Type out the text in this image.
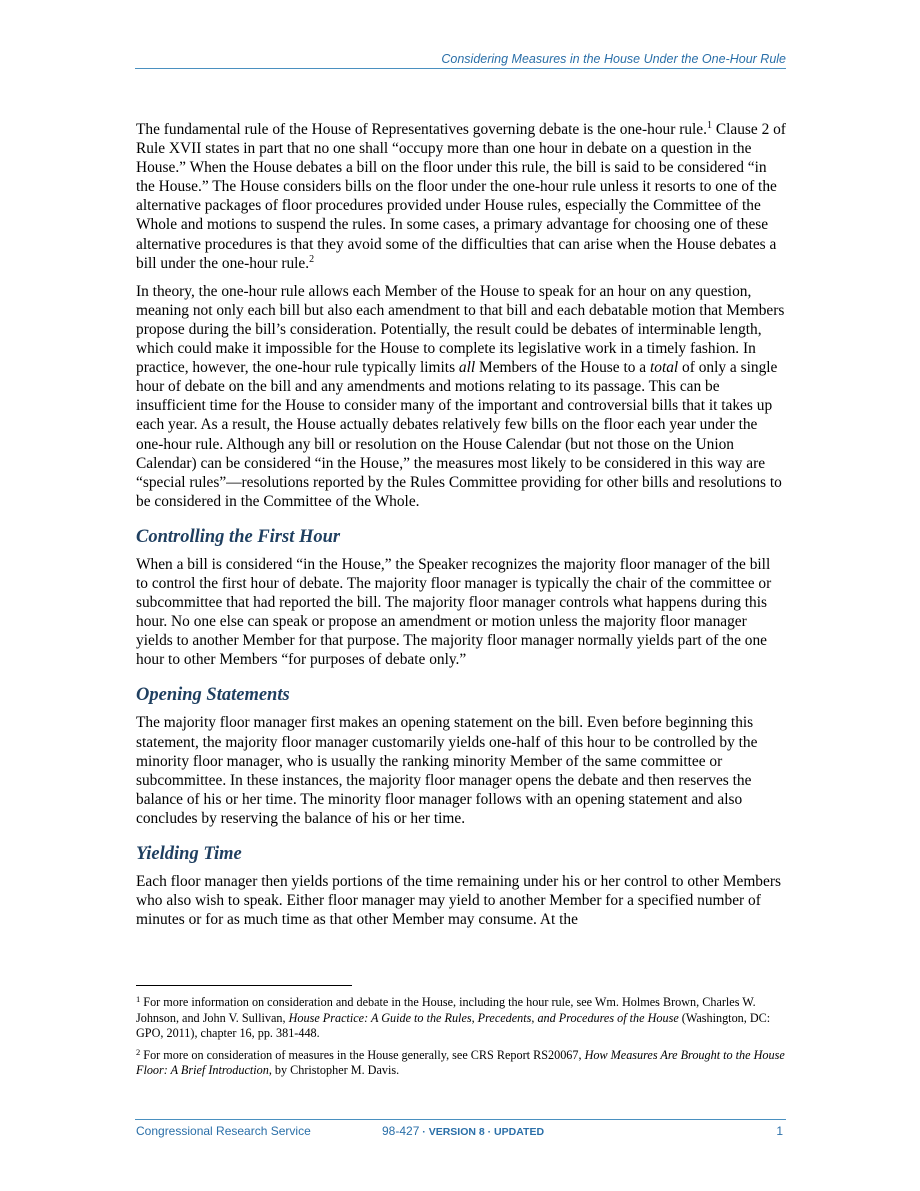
Considering Measures in the House Under the One-Hour Rule

The fundamental rule of the House of Representatives governing debate is the one-hour rule.$^1$ Clause 2 of Rule XVII states in part that no one shall “occupy more than one hour in debate on a question in the House.” When the House debates a bill on the floor under this rule, the bill is said to be considered “in the House.” The House considers bills on the floor under the one-hour rule unless it resorts to one of the alternative packages of floor procedures provided under House rules, especially the Committee of the Whole and motions to suspend the rules. In some cases, a primary advantage for choosing one of these alternative procedures is that they avoid some of the difficulties that can arise when the House debates a bill under the one-hour rule.$^2$

In theory, the one-hour rule allows each Member of the House to speak for an hour on any question, meaning not only each bill but also each amendment to that bill and each debatable motion that Members propose during the bill’s consideration. Potentially, the result could be debates of interminable length, which could make it impossible for the House to complete its legislative work in a timely fashion. In practice, however, the one-hour rule typically limits all Members of the House to a total of only a single hour of debate on the bill and any amendments and motions relating to its passage. This can be insufficient time for the House to consider many of the important and controversial bills that it takes up each year. As a result, the House actually debates relatively few bills on the floor each year under the one-hour rule. Although any bill or resolution on the House Calendar (but not those on the Union Calendar) can be considered “in the House,” the measures most likely to be considered in this way are “special rules”—resolutions reported by the Rules Committee providing for other bills and resolutions to be considered in the Committee of the Whole.

Controlling the First Hour

When a bill is considered “in the House,” the Speaker recognizes the majority floor manager of the bill to control the first hour of debate. The majority floor manager is typically the chair of the committee or subcommittee that had reported the bill. The majority floor manager controls what happens during this hour. No one else can speak or propose an amendment or motion unless the majority floor manager yields to another Member for that purpose. The majority floor manager normally yields part of the one hour to other Members “for purposes of debate only.”

Opening Statements

The majority floor manager first makes an opening statement on the bill. Even before beginning this statement, the majority floor manager customarily yields one-half of this hour to be controlled by the minority floor manager, who is usually the ranking minority Member of the same committee or subcommittee. In these instances, the majority floor manager opens the debate and then reserves the balance of his or her time. The minority floor manager follows with an opening statement and also concludes by reserving the balance of his or her time.

Yielding Time

Each floor manager then yields portions of the time remaining under his or her control to other Members who also wish to speak. Either floor manager may yield to another Member for a specified number of minutes or for as much time as that other Member may consume. At the

$^1$ For more information on consideration and debate in the House, including the hour rule, see Wm. Holmes Brown, Charles W. Johnson, and John V. Sullivan, House Practice: A Guide to the Rules, Precedents, and Procedures of the House (Washington, DC: GPO, 2011), chapter 16, pp. 381-448.

$^2$ For more on consideration of measures in the House generally, see CRS Report RS20067, How Measures Are Brought to the House Floor: A Brief Introduction, by Christopher M. Davis.

Congressional Research Service	98-427 · VERSION 8 · UPDATED	1
